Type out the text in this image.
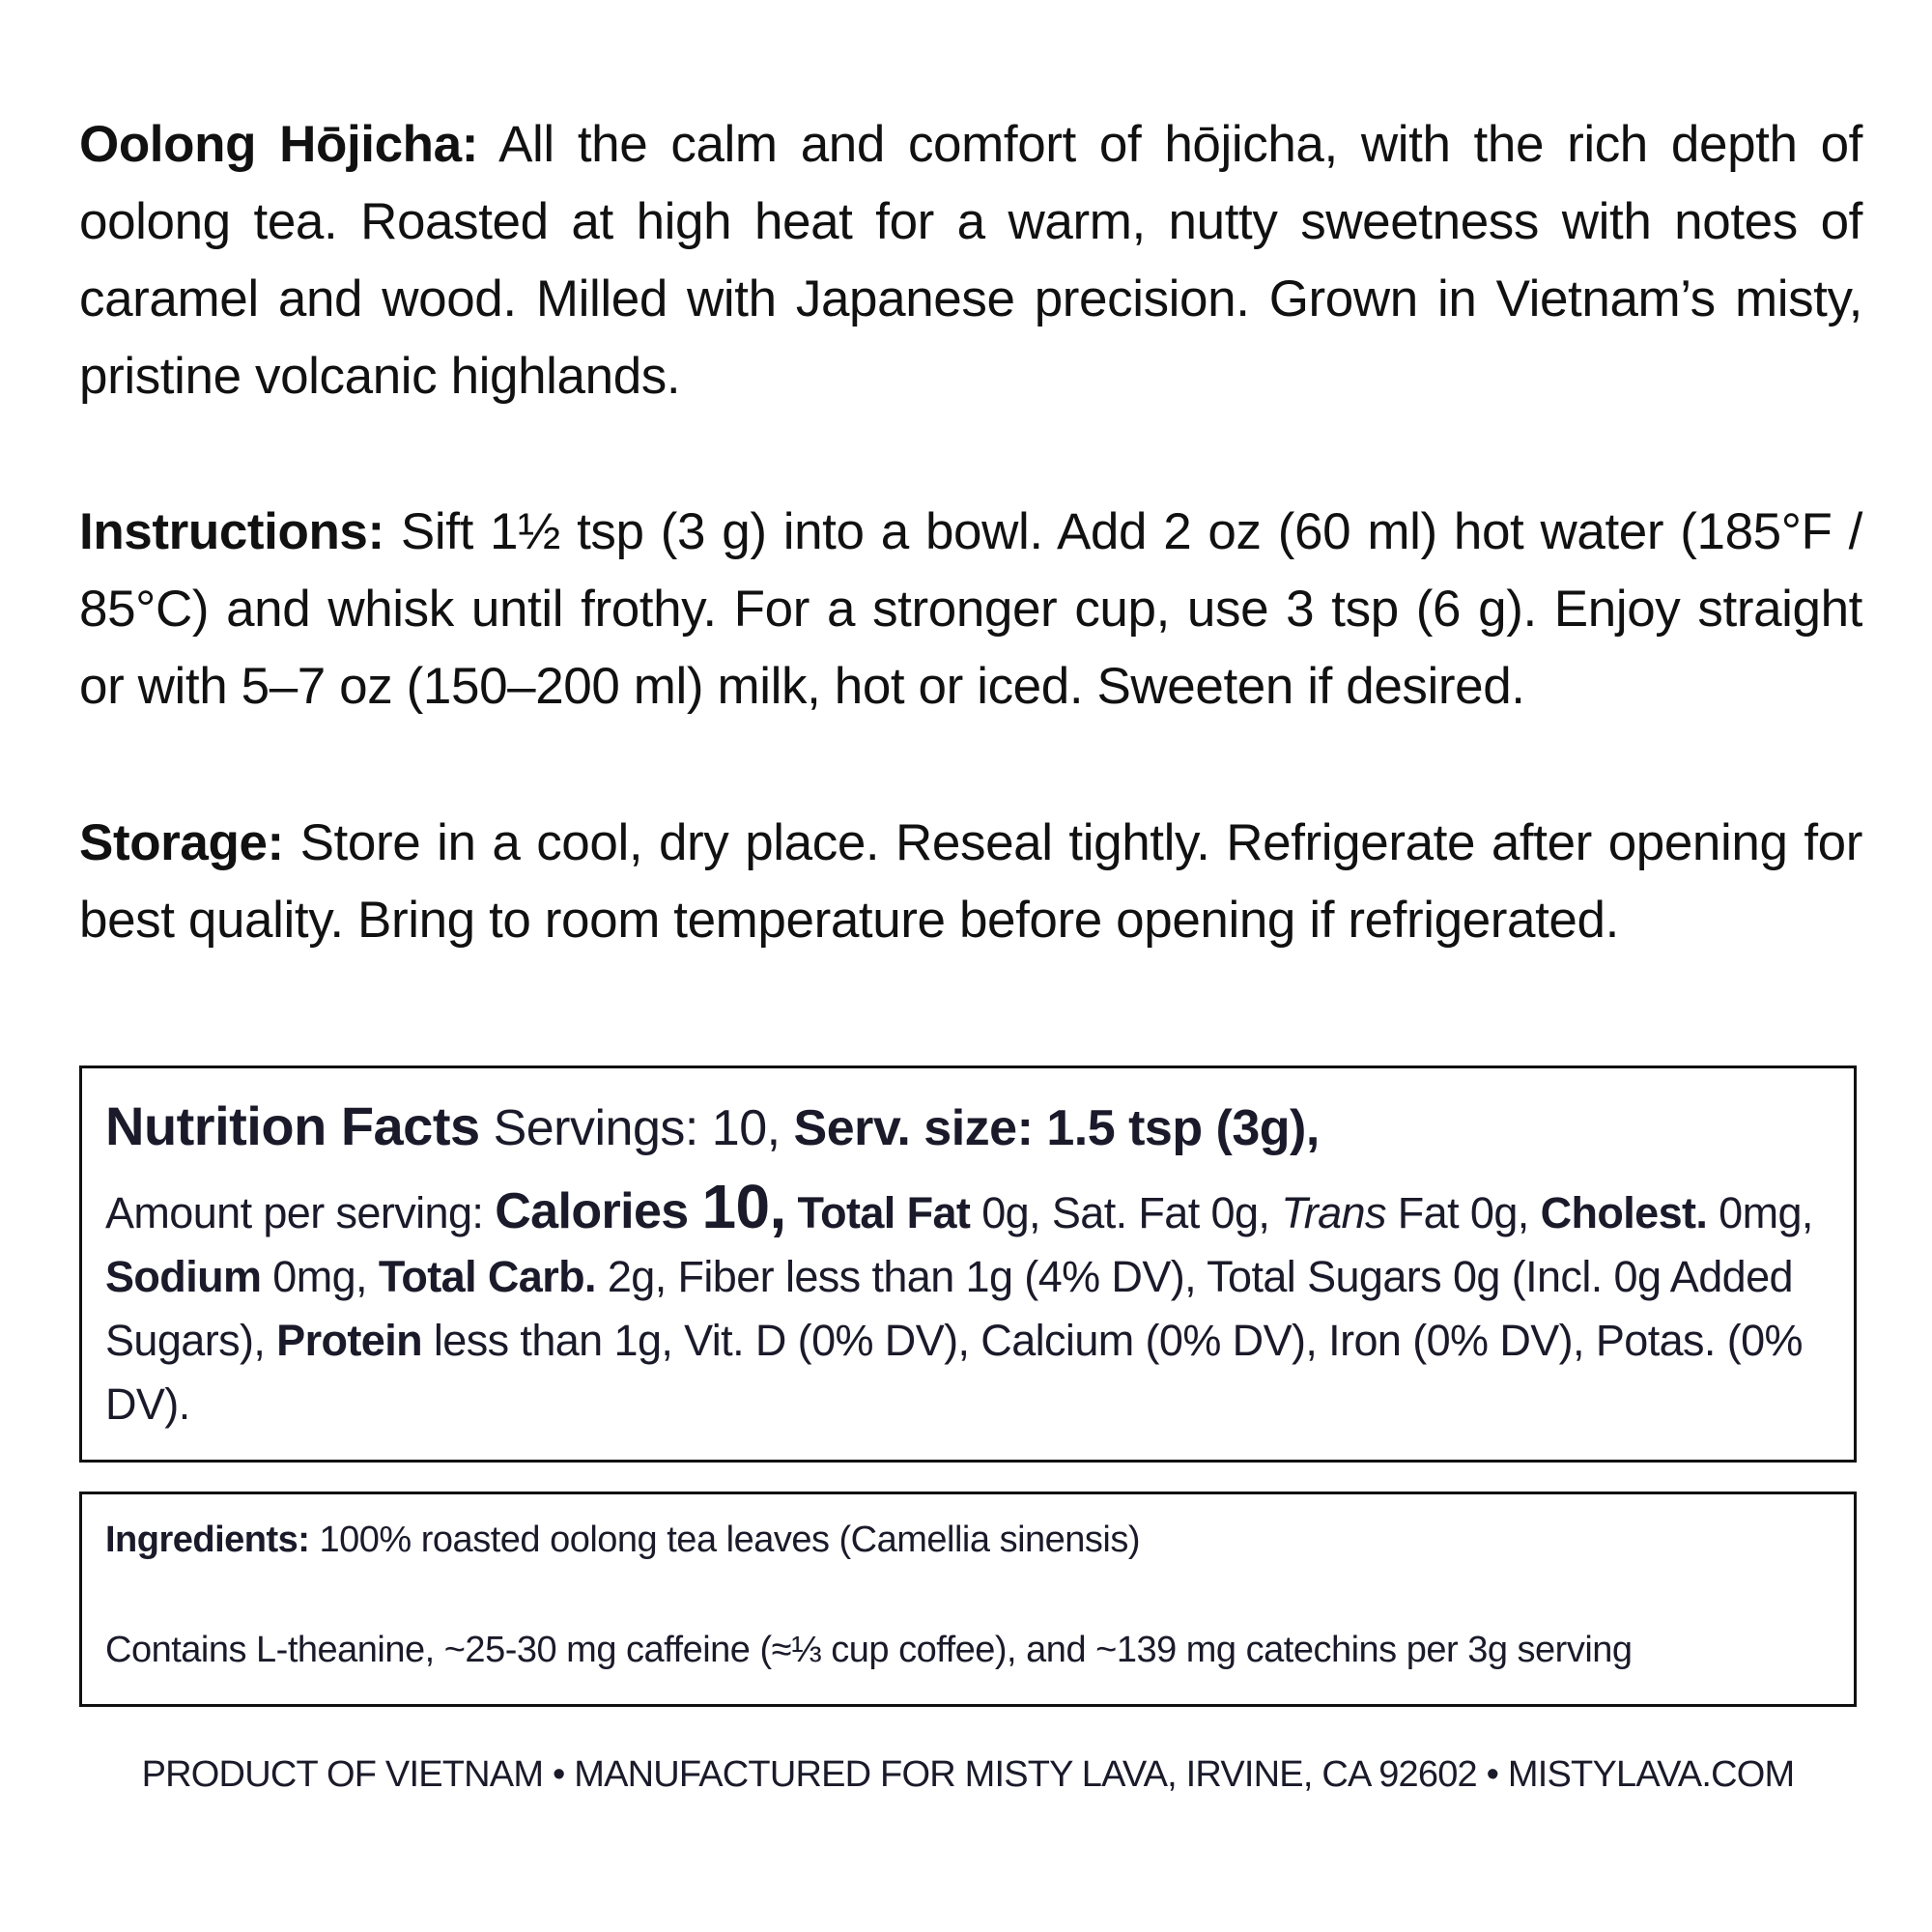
Oolong Hōjicha: All the calm and comfort of hōjicha, with the rich depth of oolong tea. Roasted at high heat for a warm, nutty sweetness with notes of caramel and wood. Milled with Japanese precision. Grown in Vietnam’s misty, pristine volcanic highlands.

Instructions: Sift 1½ tsp (3 g) into a bowl. Add 2 oz (60 ml) hot water (185°F / 85°C) and whisk until frothy. For a stronger cup, use 3 tsp (6 g). Enjoy straight or with 5–7 oz (150–200 ml) milk, hot or iced. Sweeten if desired.

Storage: Store in a cool, dry place. Reseal tightly. Refrigerate after opening for best quality. Bring to room temperature before opening if refrigerated.

Nutrition Facts Servings: 10, Serv. size: 1.5 tsp (3g),

Amount per serving: Calories 10, Total Fat 0g, Sat. Fat 0g, Trans Fat 0g, Cholest. 0mg, Sodium 0mg, Total Carb. 2g, Fiber less than 1g (4% DV), Total Sugars 0g (Incl. 0g Added Sugars), Protein less than 1g, Vit. D (0% DV), Calcium (0% DV), Iron (0% DV), Potas. (0% DV).

Ingredients: 100% roasted oolong tea leaves (Camellia sinensis)

Contains L-theanine, ~25-30 mg caffeine (≈⅓ cup coffee), and ~139 mg catechins per 3g serving

PRODUCT OF VIETNAM • MANUFACTURED FOR MISTY LAVA, IRVINE, CA 92602 • MISTYLAVA.COM
